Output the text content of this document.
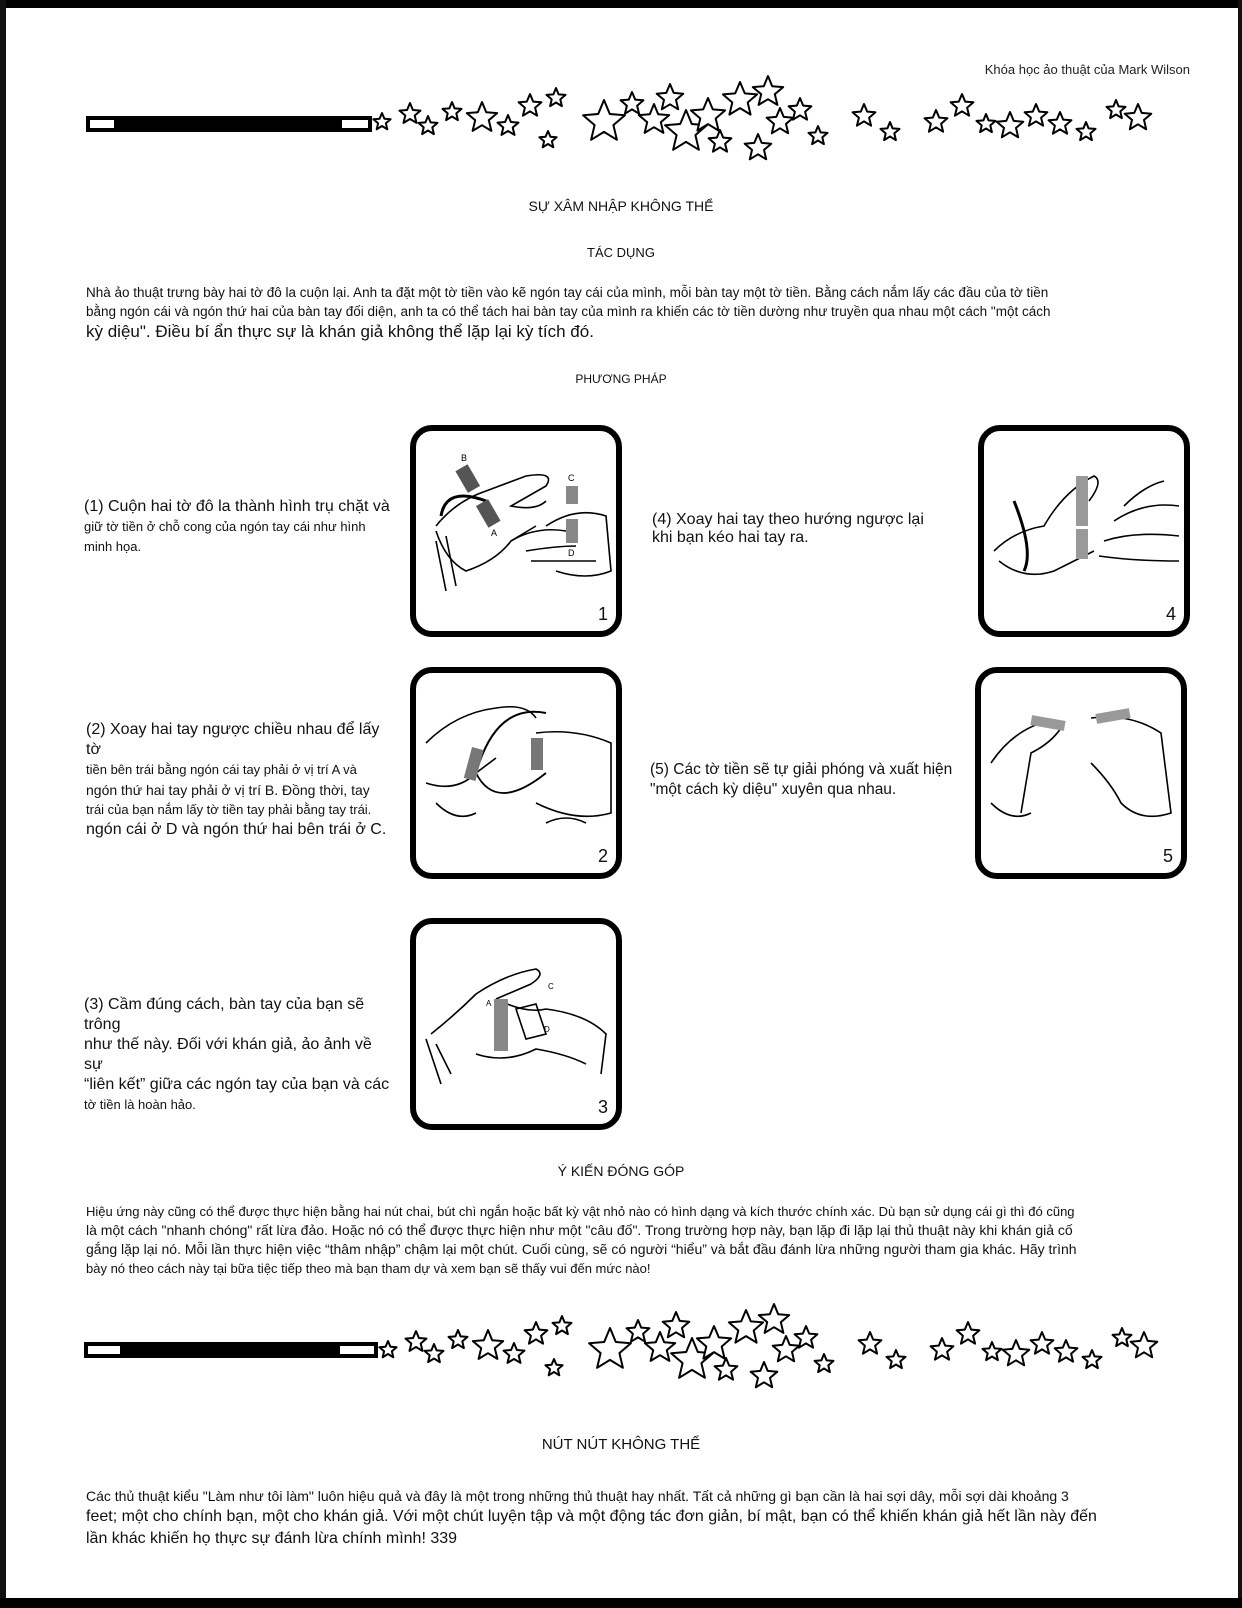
Khóa học ảo thuật của Mark Wilson
SỰ XÂM NHẬP KHÔNG THỂ
TÁC DỤNG
Nhà ảo thuật trưng bày hai tờ đô la cuộn lại. Anh ta đặt một tờ tiền vào kẽ ngón tay cái của mình, mỗi bàn tay một tờ tiền. Bằng cách nắm lấy các đầu của tờ tiền
bằng ngón cái và ngón thứ hai của bàn tay đối diện, anh ta có thể tách hai bàn tay của mình ra khiến các tờ tiền dường như truyền qua nhau một cách "một cách
kỳ diệu". Điều bí ẩn thực sự là khán giả không thể lặp lại kỳ tích đó.
PHƯƠNG PHÁP
(1) Cuộn hai tờ đô la thành hình trụ chặt và
giữ tờ tiền ở chỗ cong của ngón tay cái như hình
minh họa.
B
A
C
D
1
(2) Xoay hai tay ngược chiều nhau để lấy tờ
tiền bên trái bằng ngón cái tay phải ở vị trí A và
ngón thứ hai tay phải ở vị trí B. Đồng thời, tay
trái của bạn nắm lấy tờ tiền tay phải bằng tay trái.
ngón cái ở D và ngón thứ hai bên trái ở C.
2
(3) Cầm đúng cách, bàn tay của bạn sẽ trông
như thế này. Đối với khán giả, ảo ảnh về sự
“liên kết” giữa các ngón tay của bạn và các
tờ tiền là hoàn hảo.
A
C
D
3
(4) Xoay hai tay theo hướng ngược lại
khi bạn kéo hai tay ra.
4
(5) Các tờ tiền sẽ tự giải phóng và xuất hiện
"một cách kỳ diệu" xuyên qua nhau.
5
Ý KIẾN ĐÓNG GÓP
Hiệu ứng này cũng có thể được thực hiện bằng hai nút chai, bút chì ngắn hoặc bất kỳ vật nhỏ nào có hình dạng và kích thước chính xác. Dù bạn sử dụng cái gì thì đó cũng
là một cách "nhanh chóng" rất lừa đảo. Hoặc nó có thể được thực hiện như một "câu đố". Trong trường hợp này, bạn lặp đi lặp lại thủ thuật này khi khán giả cố
gắng lặp lại nó. Mỗi lần thực hiện việc “thâm nhập” chậm lại một chút. Cuối cùng, sẽ có người “hiểu” và bắt đầu đánh lừa những người tham gia khác. Hãy trình
bày nó theo cách này tại bữa tiệc tiếp theo mà bạn tham dự và xem bạn sẽ thấy vui đến mức nào!
NÚT NÚT KHÔNG THỂ
Các thủ thuật kiểu "Làm như tôi làm" luôn hiệu quả và đây là một trong những thủ thuật hay nhất. Tất cả những gì bạn cần là hai sợi dây, mỗi sợi dài khoảng 3
feet; một cho chính bạn, một cho khán giả. Với một chút luyện tập và một động tác đơn giản, bí mật, bạn có thể khiến khán giả hết lần này đến
lần khác khiến họ thực sự đánh lừa chính mình! 339
